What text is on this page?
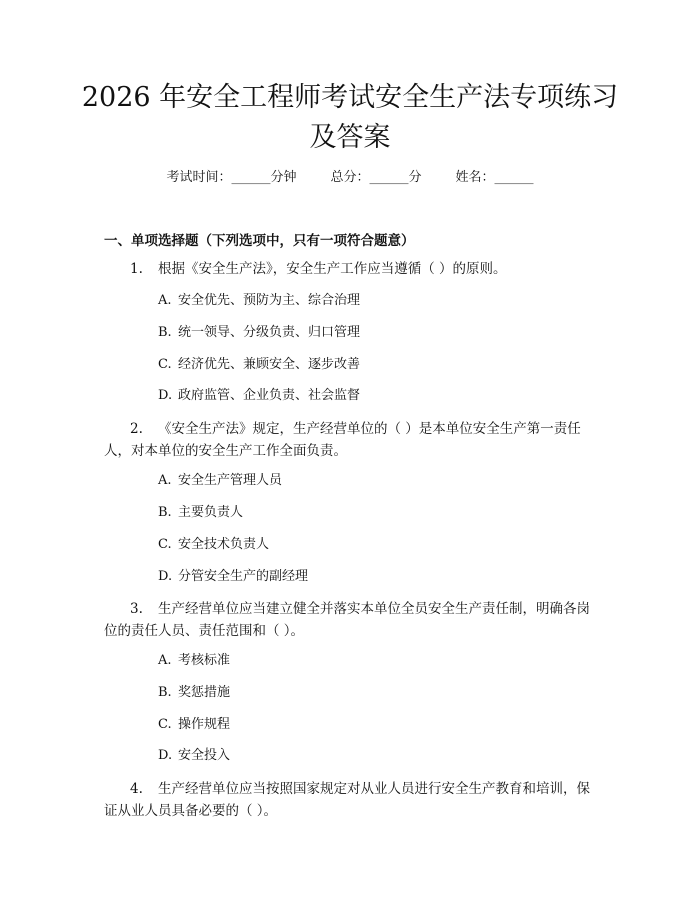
2026 年安全工程师考试安全生产法专项练习
及答案
考试时间：______分钟	总分：______分	姓名：______
一、单项选择题（下列选项中，只有一项符合题意）
1. 根据《安全生产法》，安全生产工作应当遵循（ ）的原则。
A. 安全优先、预防为主、综合治理
B. 统一领导、分级负责、归口管理
C. 经济优先、兼顾安全、逐步改善
D. 政府监管、企业负责、社会监督
2. 《安全生产法》规定，生产经营单位的（ ）是本单位安全生产第一责任
人，对本单位的安全生产工作全面负责。
A. 安全生产管理人员
B. 主要负责人
C. 安全技术负责人
D. 分管安全生产的副经理
3. 生产经营单位应当建立健全并落实本单位全员安全生产责任制，明确各岗
位的责任人员、责任范围和（ ）。
A. 考核标准
B. 奖惩措施
C. 操作规程
D. 安全投入
4. 生产经营单位应当按照国家规定对从业人员进行安全生产教育和培训，保
证从业人员具备必要的（ ）。
